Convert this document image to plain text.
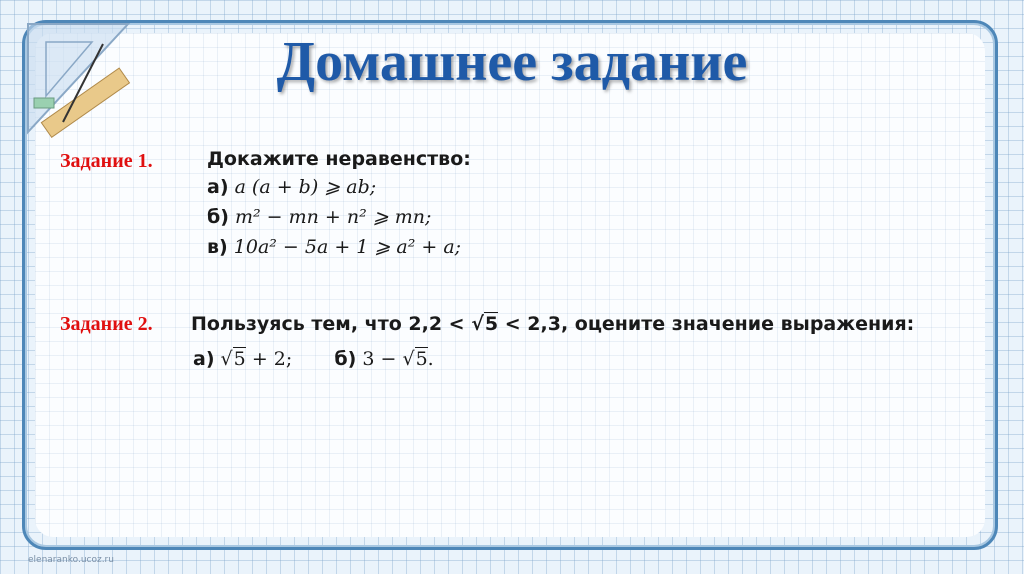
Домашнее задание
Задание 1.	Докажите неравенство:
а) a (a + b) ⩾ ab;
б) m² − mn + n² ⩾ mn;
в) 10a² − 5a + 1 ⩾ a² + a;
Задание 2. Пользуясь тем, что 2,2 < √5 < 2,3, оцените значение выражения:
а) √5 + 2; б) 3 − √5.
elenaranko.ucoz.ru
